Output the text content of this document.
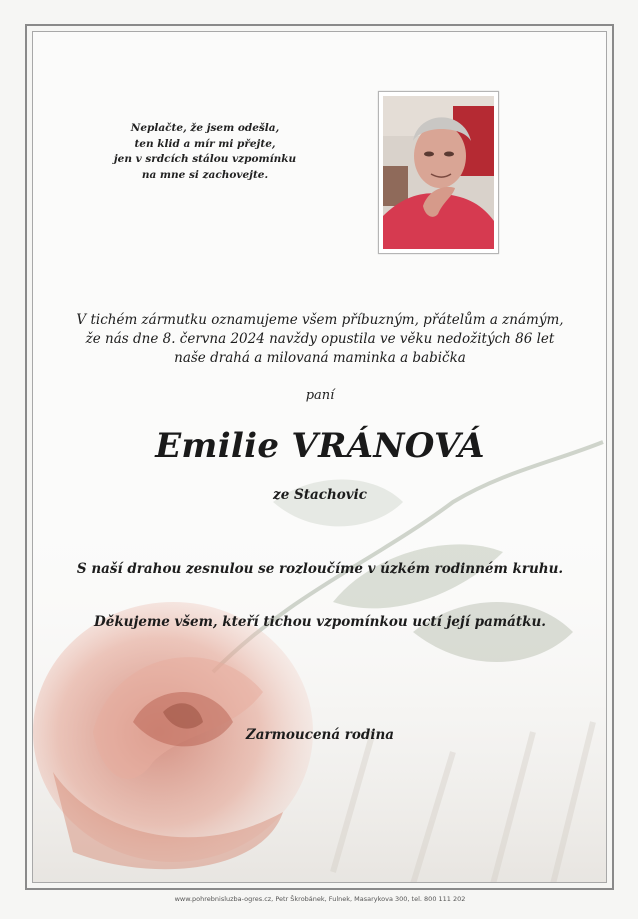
Neplačte, že jsem odešla,
ten klid a mír mi přejte,
jen v srdcích stálou vzpomínku
na mne si zachovejte.
V tichém zármutku oznamujeme všem příbuzným, přátelům a známým,
že nás dne 8. června 2024 navždy opustila ve věku nedožitých 86 let
naše drahá a milovaná maminka a babička
paní
Emilie VRÁNOVÁ
ze Stachovic
S naší drahou zesnulou se rozloučíme v úzkém rodinném kruhu.
Děkujeme všem, kteří tichou vzpomínkou uctí její památku.
Zarmoucená rodina
www.pohrebnisluzba-ogres.cz, Petr Škrobánek, Fulnek, Masarykova 300, tel. 800 111 202
